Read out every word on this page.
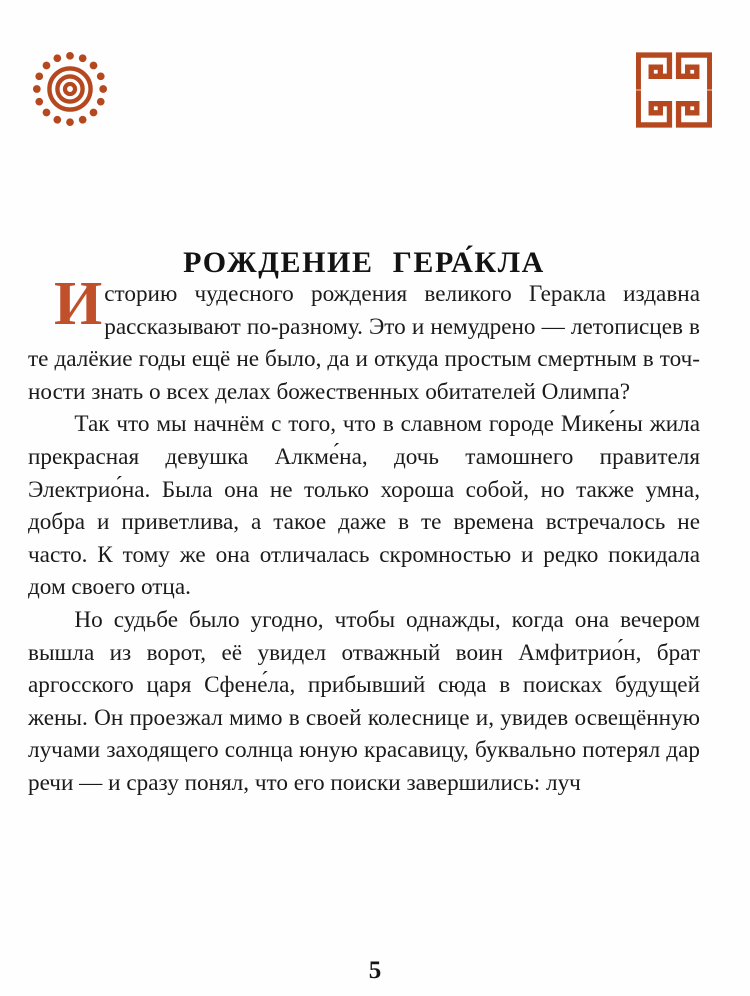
РОЖДЕНИЕ ГЕРА́КЛА

Историю чудесного рождения великого Геракла издавна рассказывают по-разному. Это и немудрено — летописцев в те далёкие годы ещё не было, да и откуда простым смертным в точности знать о всех делах божественных обитателей Олимпа?

Так что мы начнём с того, что в славном городе Мике́ны жила прекрасная девушка Алкме́на, дочь тамошнего правителя Электрио́на. Была она не только хороша собой, но также умна, добра и приветлива, а такое даже в те времена встречалось не часто. К тому же она отличалась скромностью и редко покидала дом своего отца.

Но судьбе было угодно, чтобы однажды, когда она вечером вышла из ворот, её увидел отважный воин Амфитрио́н, брат аргосского царя Сфене́ла, прибывший сюда в поисках будущей жены. Он проезжал мимо в своей колеснице и, увидев освещённую лучами заходящего солнца юную красавицу, буквально потерял дар речи — и сразу понял, что его поиски завершились: луч

5
